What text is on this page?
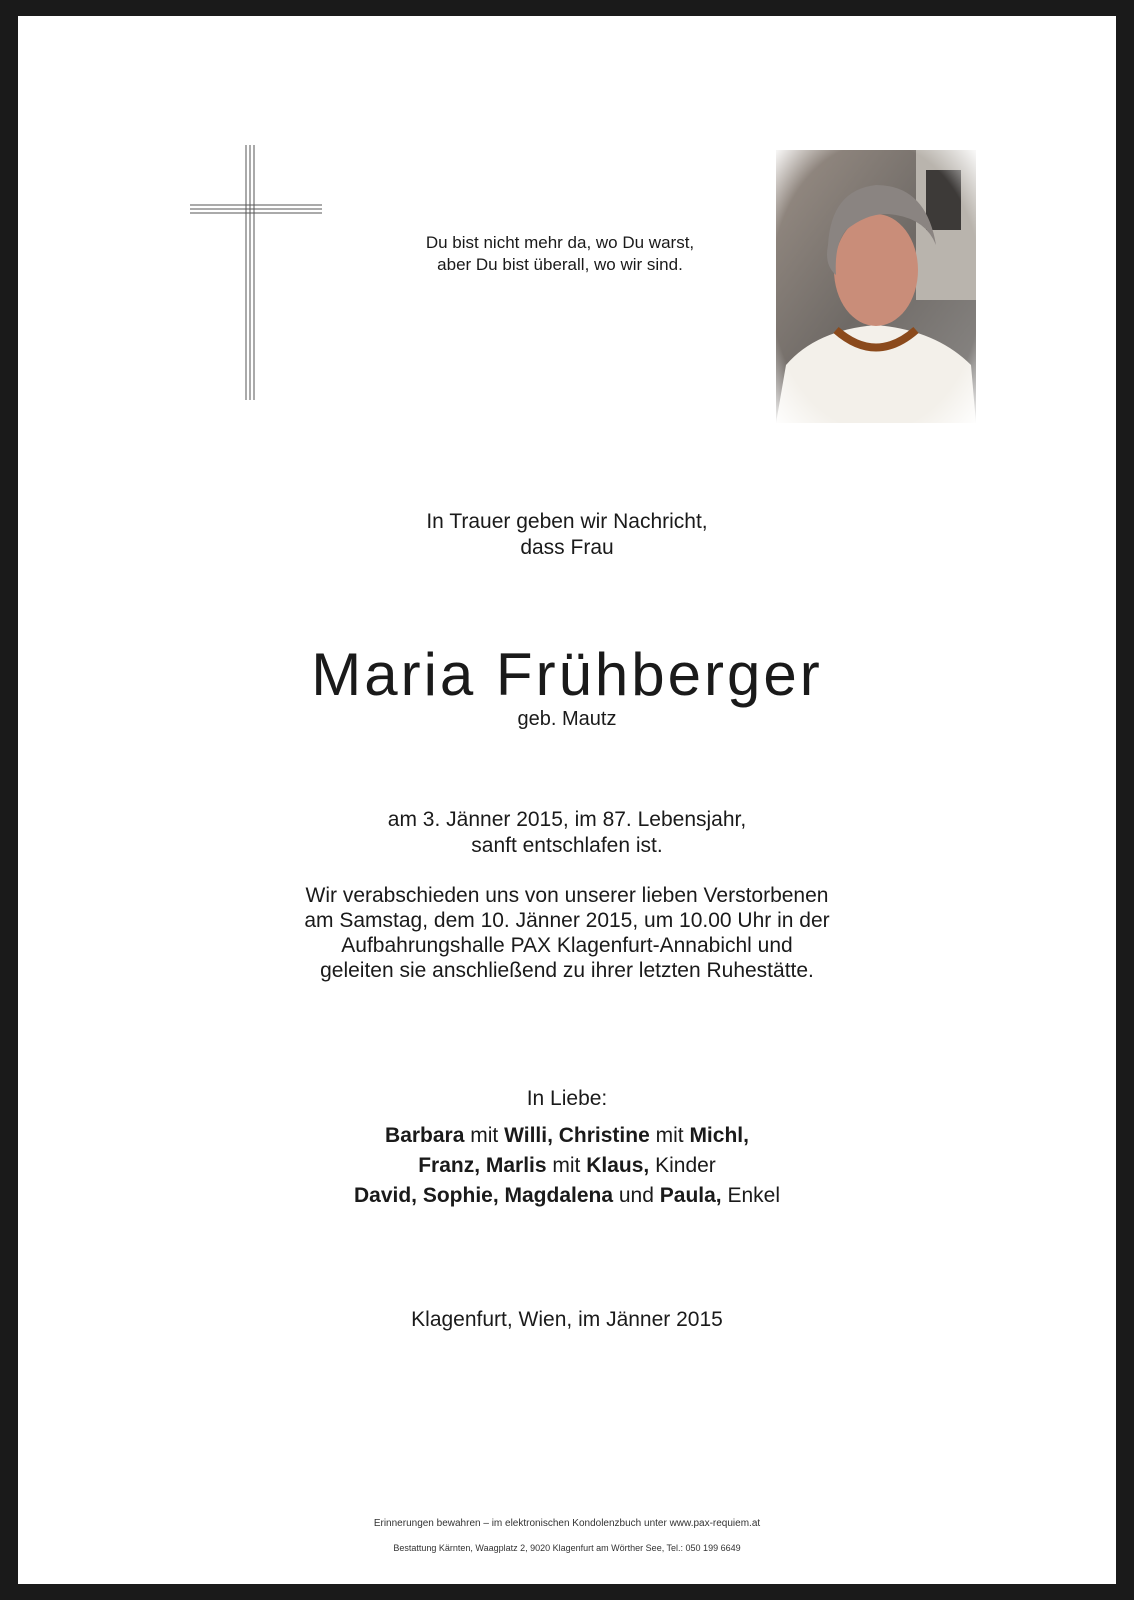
Du bist nicht mehr da, wo Du warst,
aber Du bist überall, wo wir sind.
In Trauer geben wir Nachricht,
dass Frau
Maria Frühberger
geb. Mautz
am 3. Jänner 2015, im 87. Lebensjahr,
sanft entschlafen ist.
Wir verabschieden uns von unserer lieben Verstorbenen
am Samstag, dem 10. Jänner 2015, um 10.00 Uhr in der
Aufbahrungshalle PAX Klagenfurt-Annabichl und
geleiten sie anschließend zu ihrer letzten Ruhestätte.
In Liebe:
Barbara mit Willi, Christine mit Michl,
Franz, Marlis mit Klaus, Kinder
David, Sophie, Magdalena und Paula, Enkel
Klagenfurt, Wien, im Jänner 2015
Erinnerungen bewahren – im elektronischen Kondolenzbuch unter www.pax-requiem.at
Bestattung Kärnten, Waagplatz 2, 9020 Klagenfurt am Wörther See, Tel.: 050 199 6649
